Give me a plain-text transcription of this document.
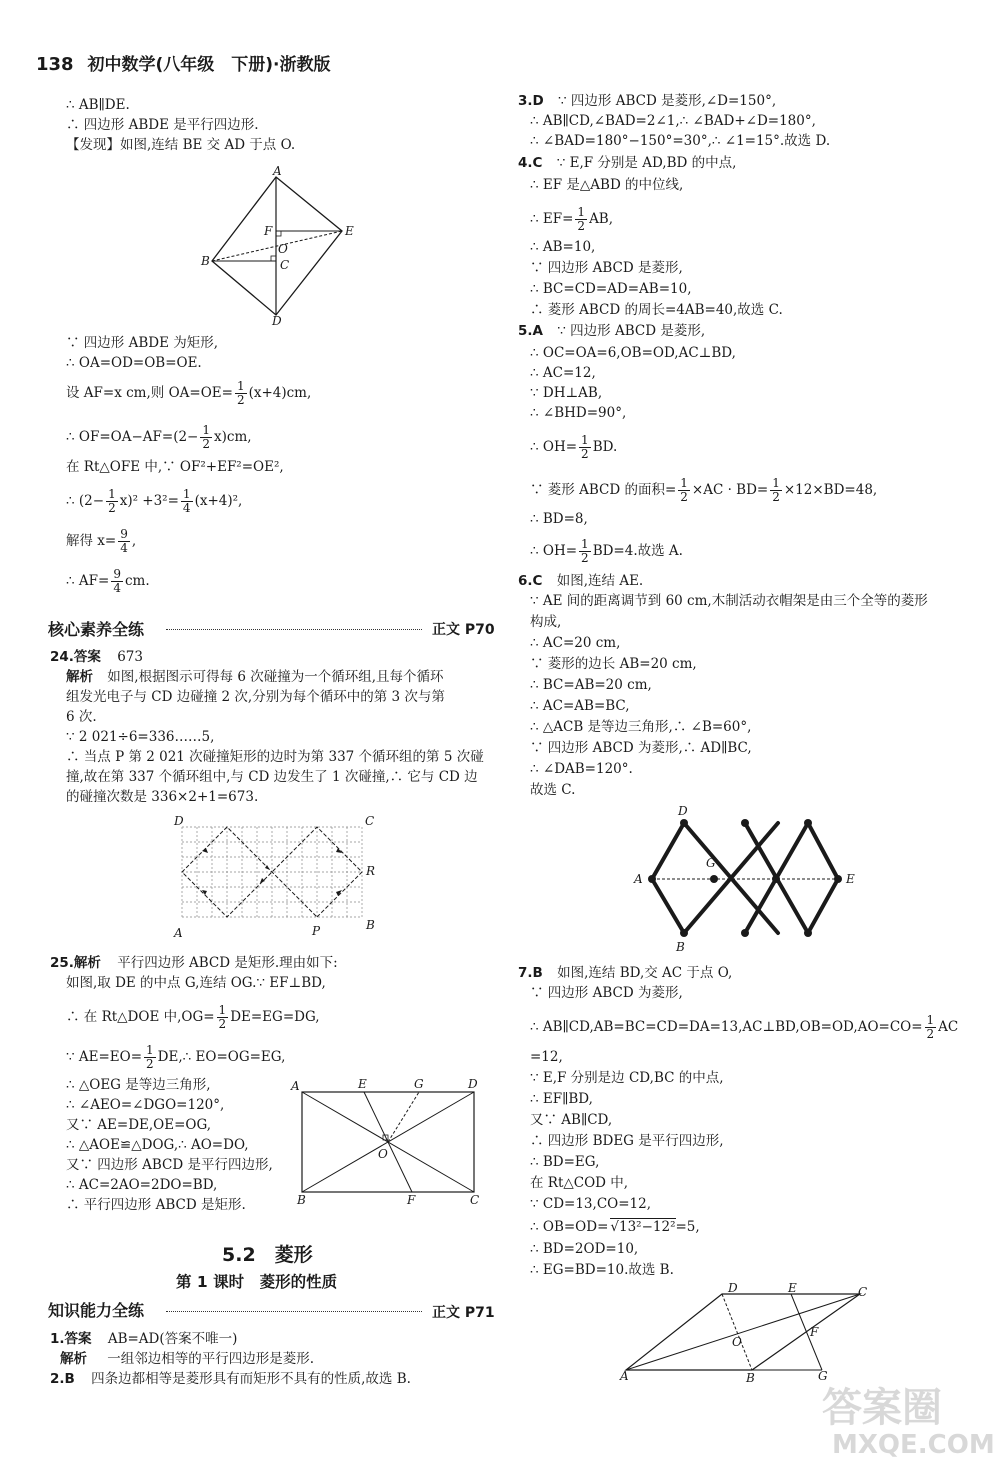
138 初中数学(八年级　下册)·浙教版
∴ AB∥DE.
∴ 四边形 ABDE 是平行四边形.
【发现】如图,连结 BE 交 AD 于点 O.
A
F
O
E
B	C
D
∵ 四边形 ABDE 为矩形,
∴ OA=OD=OB=OE.
设 AF=x cm,则 $OA=OE= \frac{1}{2} (x+4)cm$,
∴ $OF=OA-AF=(2- \frac{1}{2} x)cm$,
在 Rt△OFE 中,∵ OF²+EF²=OE²,
∴ $(2- \frac{1}{2} x)^2 +3^2= \frac{1}{4} (x+4)^2$,
解得 $x= \frac{9}{4}$ ,
∴ $AF= \frac{9}{4}$ cm.
核心素养全练	正文 P70
24.答案 673
解析 如图,根据图示可得每 6 次碰撞为一个循环组,且每个循环
组发光电子与 CD 边碰撞 2 次,分别为每个循环中的第 3 次与第
6 次.
∵ 2 021÷6=336……5,
∴ 当点 P 第 2 021 次碰撞矩形的边时为第 337 个循环组的第 5 次碰
撞,故在第 337 个循环组中,与 CD 边发生了 1 次碰撞,∴ 它与 CD 边
的碰撞次数是 336×2+1=673.
D	C
R
A	P	B
25.解析 平行四边形 ABCD 是矩形.理由如下:
如图,取 DE 的中点 G,连结 OG.∵ EF⊥BD,
∴ 在 Rt△DOE 中$,OG= \frac{1}{2} DE=EG=DG$,
∵ $AE=EO= \frac{1}{2}$ DE,∴ EO=OG=EG,
∴ △OEG 是等边三角形,
∴ ∠AEO=∠DGO=120°,
又∵ AE=DE,OE=OG,
∴ △AOE≌△DOG,∴ AO=DO,
又∵ 四边形 ABCD 是平行四边形,
∴ AC=2AO=2DO=BD,
∴ 平行四边形 ABCD 是矩形.
A	E	G	D
O
B	F	C
5.2　菱形
第 1 课时　菱形的性质
知识能力全练	正文 P71
1.答案 AB=AD(答案不唯一)
解析 一组邻边相等的平行四边形是菱形.
2.B 四条边都相等是菱形具有而矩形不具有的性质,故选 B.
3.D ∵ 四边形 ABCD 是菱形,∠D=150°,
∴ AB∥CD,∠BAD=2∠1,∴ ∠BAD+∠D=180°,
∴ ∠BAD=180°−150°=30°,∴ ∠1=15°.故选 D.
4.C ∵ E,F 分别是 AD,BD 的中点,
∴ EF 是△ABD 的中位线,
∴ $EF= \frac{1}{2}$ AB,
∴ AB=10,
∵ 四边形 ABCD 是菱形,
∴ BC=CD=AD=AB=10,
∴ 菱形 ABCD 的周长=4AB=40,故选 C.
5.A ∵ 四边形 ABCD 是菱形,
∴ OC=OA=6,OB=OD,AC⊥BD,
∴ AC=12,
∵ DH⊥AB,
∴ ∠BHD=90°,
∴ $OH= \frac{1}{2}$ BD.
∵ 菱形 ABCD 的面积= $\frac{1}{2} \times AC \cdot BD= \frac{1}{2} \times 12\times BD=48$,
∴ BD=8,
∴ $OH= \frac{1}{2} BD=4$.故选 A.
6.C 如图,连结 AE.
∵ AE 间的距离调节到 60 cm,木制活动衣帽架是由三个全等的菱形
构成,
∴ AC=20 cm,
∵ 菱形的边长 AB=20 cm,
∴ BC=AB=20 cm,
∴ AC=AB=BC,
∴ △ACB 是等边三角形,∴ ∠B=60°,
∵ 四边形 ABCD 为菱形,∴ AD∥BC,
∴ ∠DAB=120°.
故选 C.
D
G
A	E
B
7.B 如图,连结 BD,交 AC 于点 O,
∵ 四边形 ABCD 为菱形,
∴ AB∥CD,AB=BC=CD=DA=13,AC⊥BD,OB=OD,AO=CO= $\frac{1}{2}$ AC
=12,
∵ E,F 分别是边 CD,BC 的中点,
∴ EF∥BD,
又∵ AB∥CD,
∴ 四边形 BDEG 是平行四边形,
∴ BD=EG,
在 Rt△COD 中,
∵ CD=13,CO=12,
∴ OB=OD= √13²−12²=5,
∴ BD=2OD=10,
∴ EG=BD=10.故选 B.
D	E	C
F
O
A	B	G
答案圈
MXQE.COM
